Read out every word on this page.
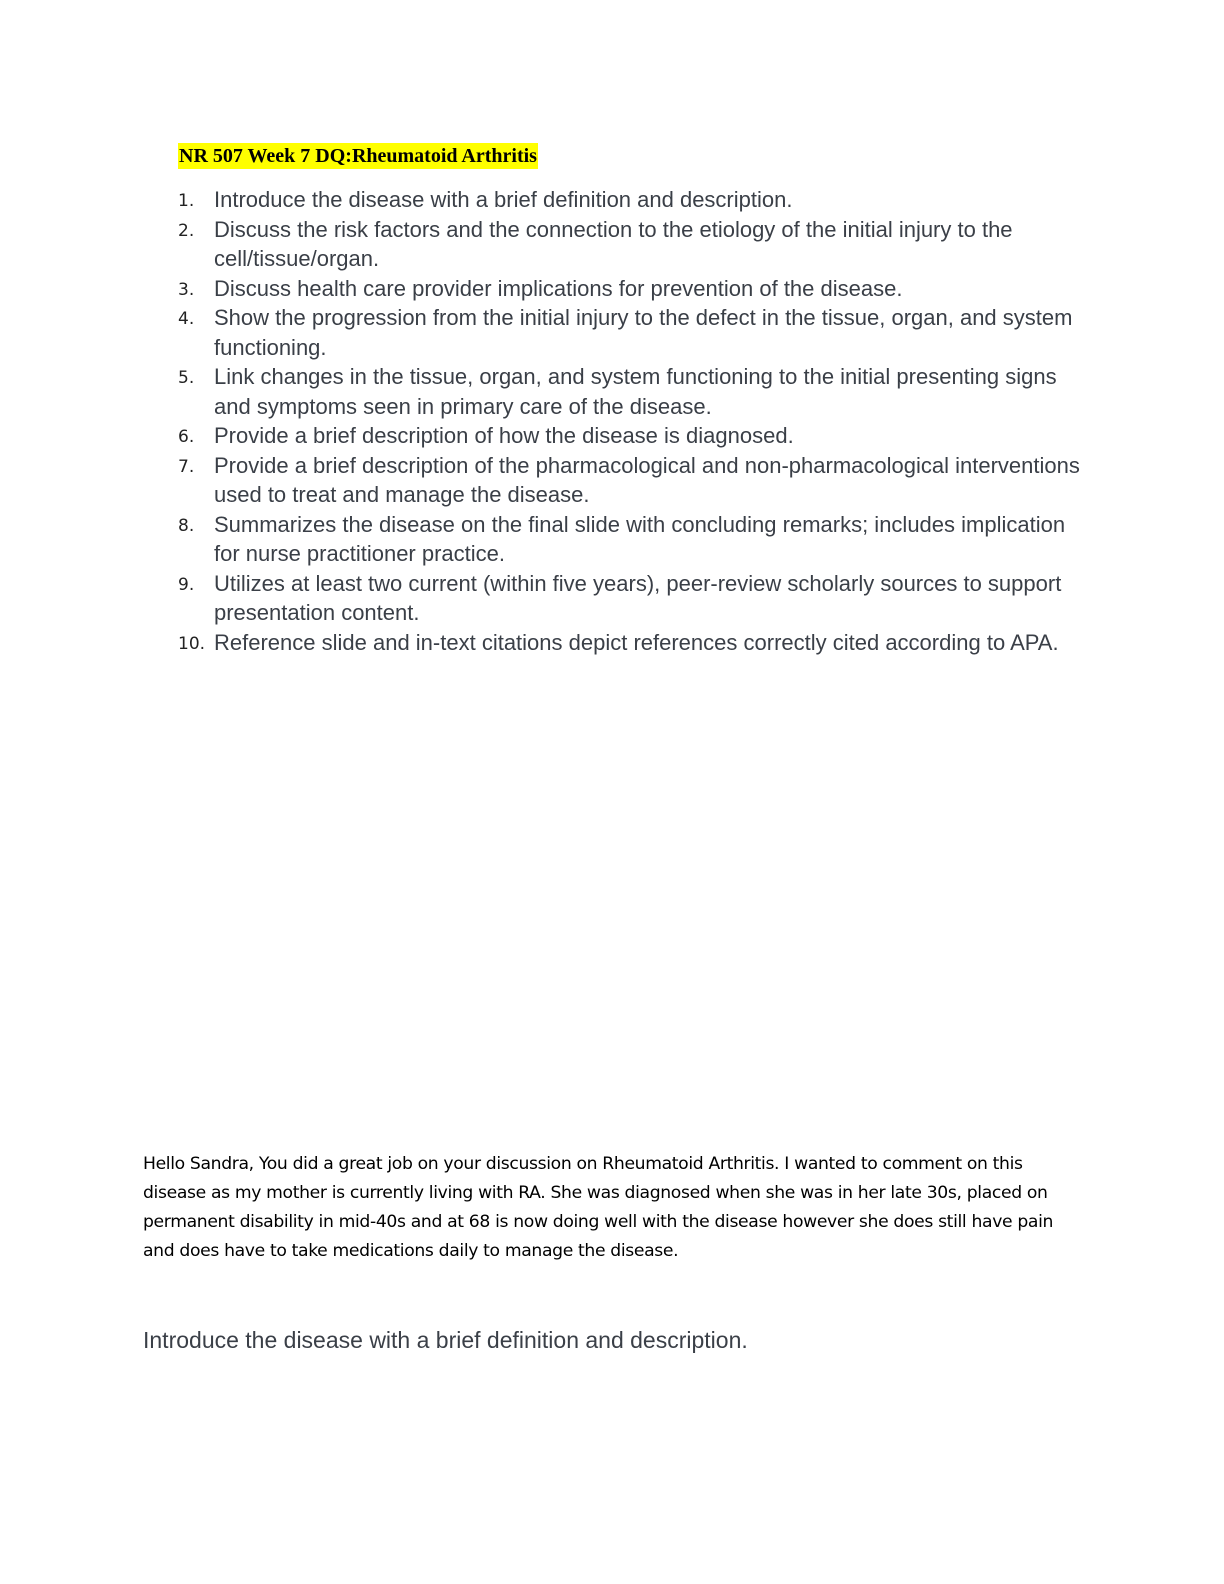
NR 507 Week 7 DQ:Rheumatoid Arthritis
1. Introduce the disease with a brief definition and description.
2. Discuss the risk factors and the connection to the etiology of the initial injury to the cell/tissue/organ.
3. Discuss health care provider implications for prevention of the disease.
4. Show the progression from the initial injury to the defect in the tissue, organ, and system functioning.
5. Link changes in the tissue, organ, and system functioning to the initial presenting signs and symptoms seen in primary care of the disease.
6. Provide a brief description of how the disease is diagnosed.
7. Provide a brief description of the pharmacological and non-pharmacological interventions used to treat and manage the disease.
8. Summarizes the disease on the final slide with concluding remarks; includes implication for nurse practitioner practice.
9. Utilizes at least two current (within five years), peer-review scholarly sources to support presentation content.
10. Reference slide and in-text citations depict references correctly cited according to APA.

Hello Sandra, You did a great job on your discussion on Rheumatoid Arthritis. I wanted to comment on this disease as my mother is currently living with RA. She was diagnosed when she was in her late 30s, placed on permanent disability in mid-40s and at 68 is now doing well with the disease however she does still have pain and does have to take medications daily to manage the disease.

Introduce the disease with a brief definition and description.
